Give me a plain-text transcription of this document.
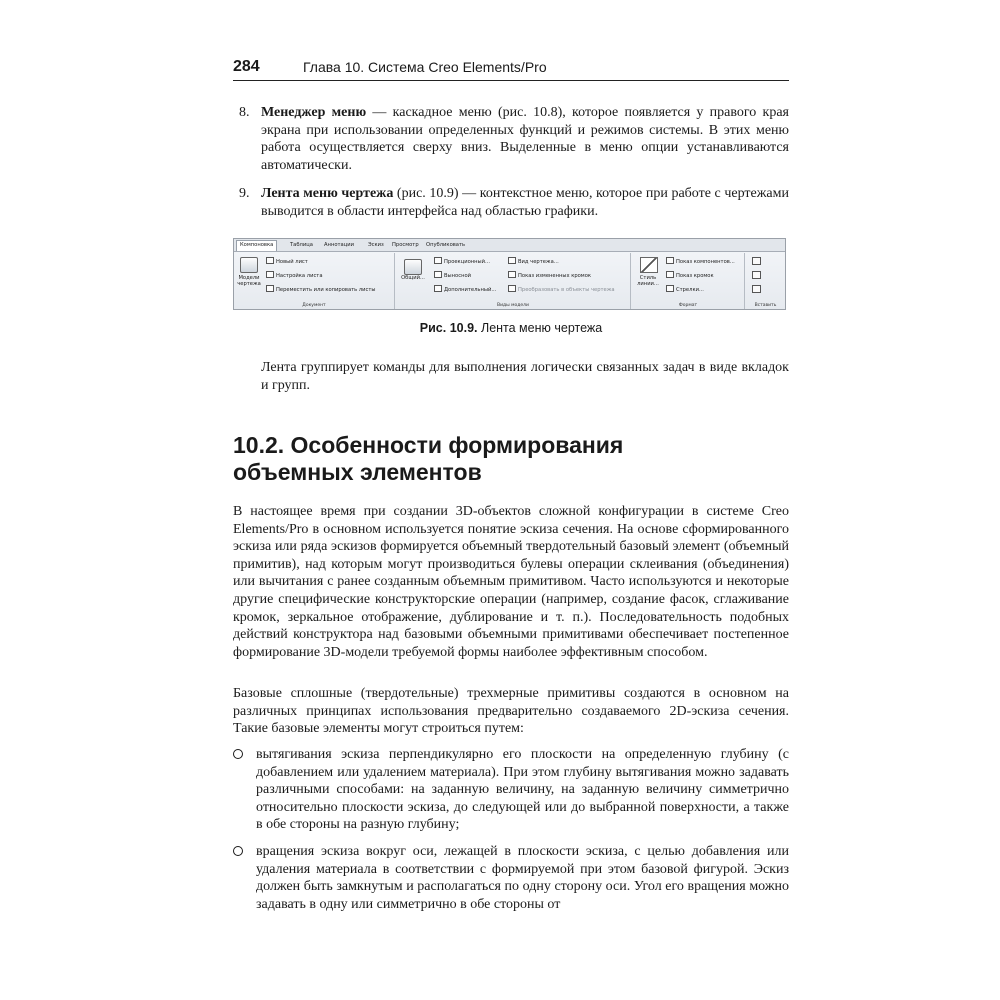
284	Глава 10. Система Creo Elements/Pro
8. Менеджер меню — каскадное меню (рис. 10.8), которое появляется у правого края экрана при использовании определенных функций и режимов системы. В этих меню работа осуществляется сверху вниз. Выделенные в меню опции устанавливаются автоматически.
9. Лента меню чертежа (рис. 10.9) — контекстное меню, которое при работе с чертежами выводится в области интерфейса над областью графики.
Компоновка	Таблица Аннотации	Эскиз Просмотр Опубликовать
Модели
чертежа
Новый лист
Настройка листа
Переместить или копировать листы
Документ
Общий...
Проекционный...
Выносной
Дополнительный...
Вид чертежа...
Показ измененных кромок
Преобразовать в объекты чертежа
Виды модели
Стиль
линии...
Показ компонентов...
Показ кромок
Стрелки...
Формат	Вставить
Рис. 10.9. Лента меню чертежа

Лента группирует команды для выполнения логически связанных задач в виде вкладок и групп.

10.2. Особенности формирования
объемных элементов

В настоящее время при создании 3D-объектов сложной конфигурации в системе Creo Elements/Pro в основном используется понятие эскиза сечения. На основе сформированного эскиза или ряда эскизов формируется объемный твердотельный базовый элемент (объемный примитив), над которым могут производиться булевы операции склеивания (объединения) или вычитания с ранее созданным объемным примитивом. Часто используются и некоторые другие специфические конструкторские операции (например, создание фасок, сглаживание кромок, зеркальное отображение, дублирование и т. п.). Последовательность подобных действий конструктора над базовыми объемными примитивами обеспечивает постепенное формирование 3D-модели требуемой формы наиболее эффективным способом.

Базовые сплошные (твердотельные) трехмерные примитивы создаются в основном на различных принципах использования предварительно создаваемого 2D-эскиза сечения. Такие базовые элементы могут строиться путем:

вытягивания эскиза перпендикулярно его плоскости на определенную глубину (с добавлением или удалением материала). При этом глубину вытягивания можно задавать различными способами: на заданную величину, на заданную величину симметрично относительно плоскости эскиза, до следующей или до выбранной поверхности, а также в обе стороны на разную глубину;
вращения эскиза вокруг оси, лежащей в плоскости эскиза, с целью добавления или удаления материала в соответствии с формируемой при этом базовой фигурой. Эскиз должен быть замкнутым и располагаться по одну сторону оси. Угол его вращения можно задавать в одну или симметрично в обе стороны от
